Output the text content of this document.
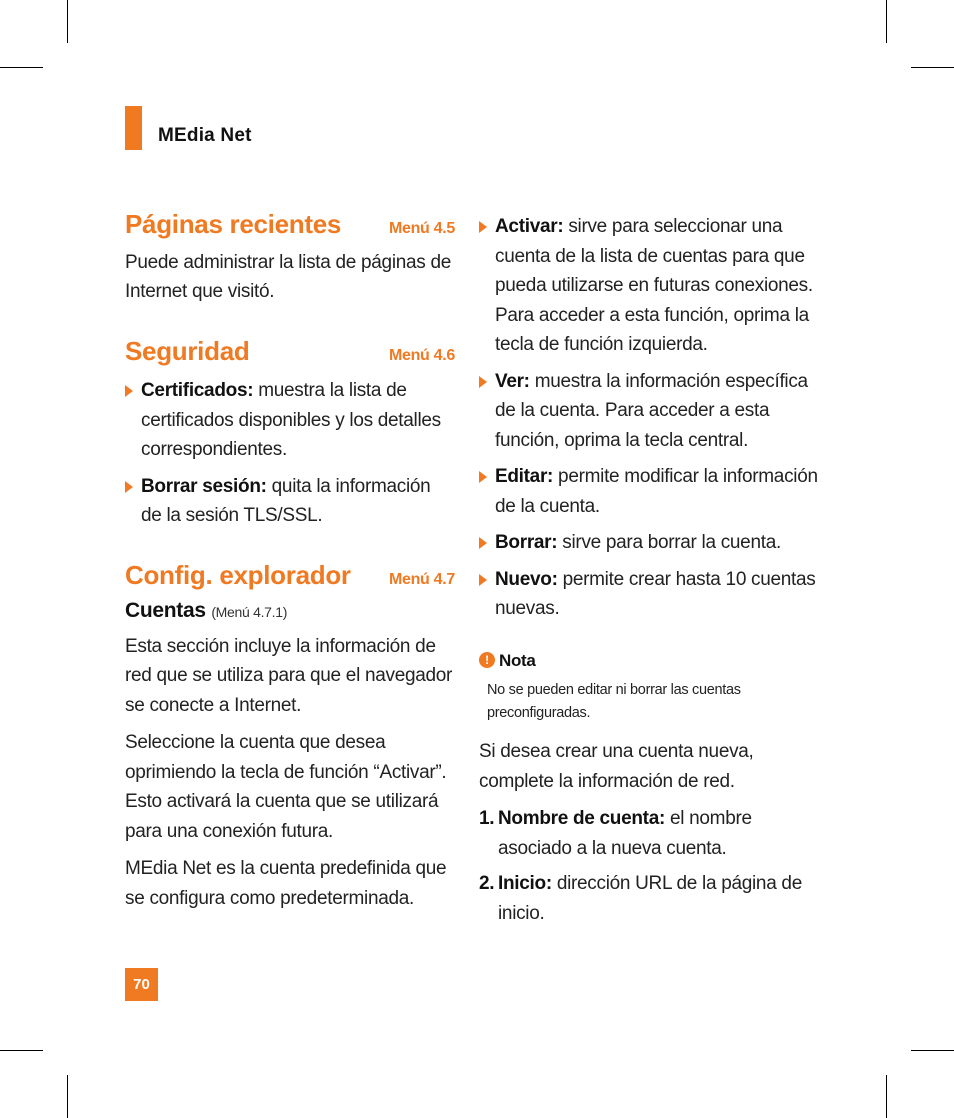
MEdia Net
Páginas recientes	Menú 4.5

Puede administrar la lista de páginas de Internet que visitó.

Seguridad	Menú 4.6
Certificados: muestra la lista de certificados disponibles y los detalles correspondientes.
Borrar sesión: quita la información de la sesión TLS/SSL.
Config. explorador Menú 4.7
Cuentas (Menú 4.7.1)

Esta sección incluye la información de red que se utiliza para que el navegador se conecte a Internet.

Seleccione la cuenta que desea oprimiendo la tecla de función “Activar”. Esto activará la cuenta que se utilizará para una conexión futura.

MEdia Net es la cuenta predefinida que se configura como predeterminada.

Activar: sirve para seleccionar una cuenta de la lista de cuentas para que pueda utilizarse en futuras conexiones. Para acceder a esta función, oprima la tecla de función izquierda.
Ver: muestra la información específica de la cuenta. Para acceder a esta función, oprima la tecla central.
Editar: permite modificar la información de la cuenta.
Borrar: sirve para borrar la cuenta.
Nuevo: permite crear hasta 10 cuentas nuevas.
! Nota

No se pueden editar ni borrar las cuentas preconfiguradas.

Si desea crear una cuenta nueva, complete la información de red.

1. Nombre de cuenta: el nombre asociado a la nueva cuenta.
2. Inicio: dirección URL de la página de inicio.
70
